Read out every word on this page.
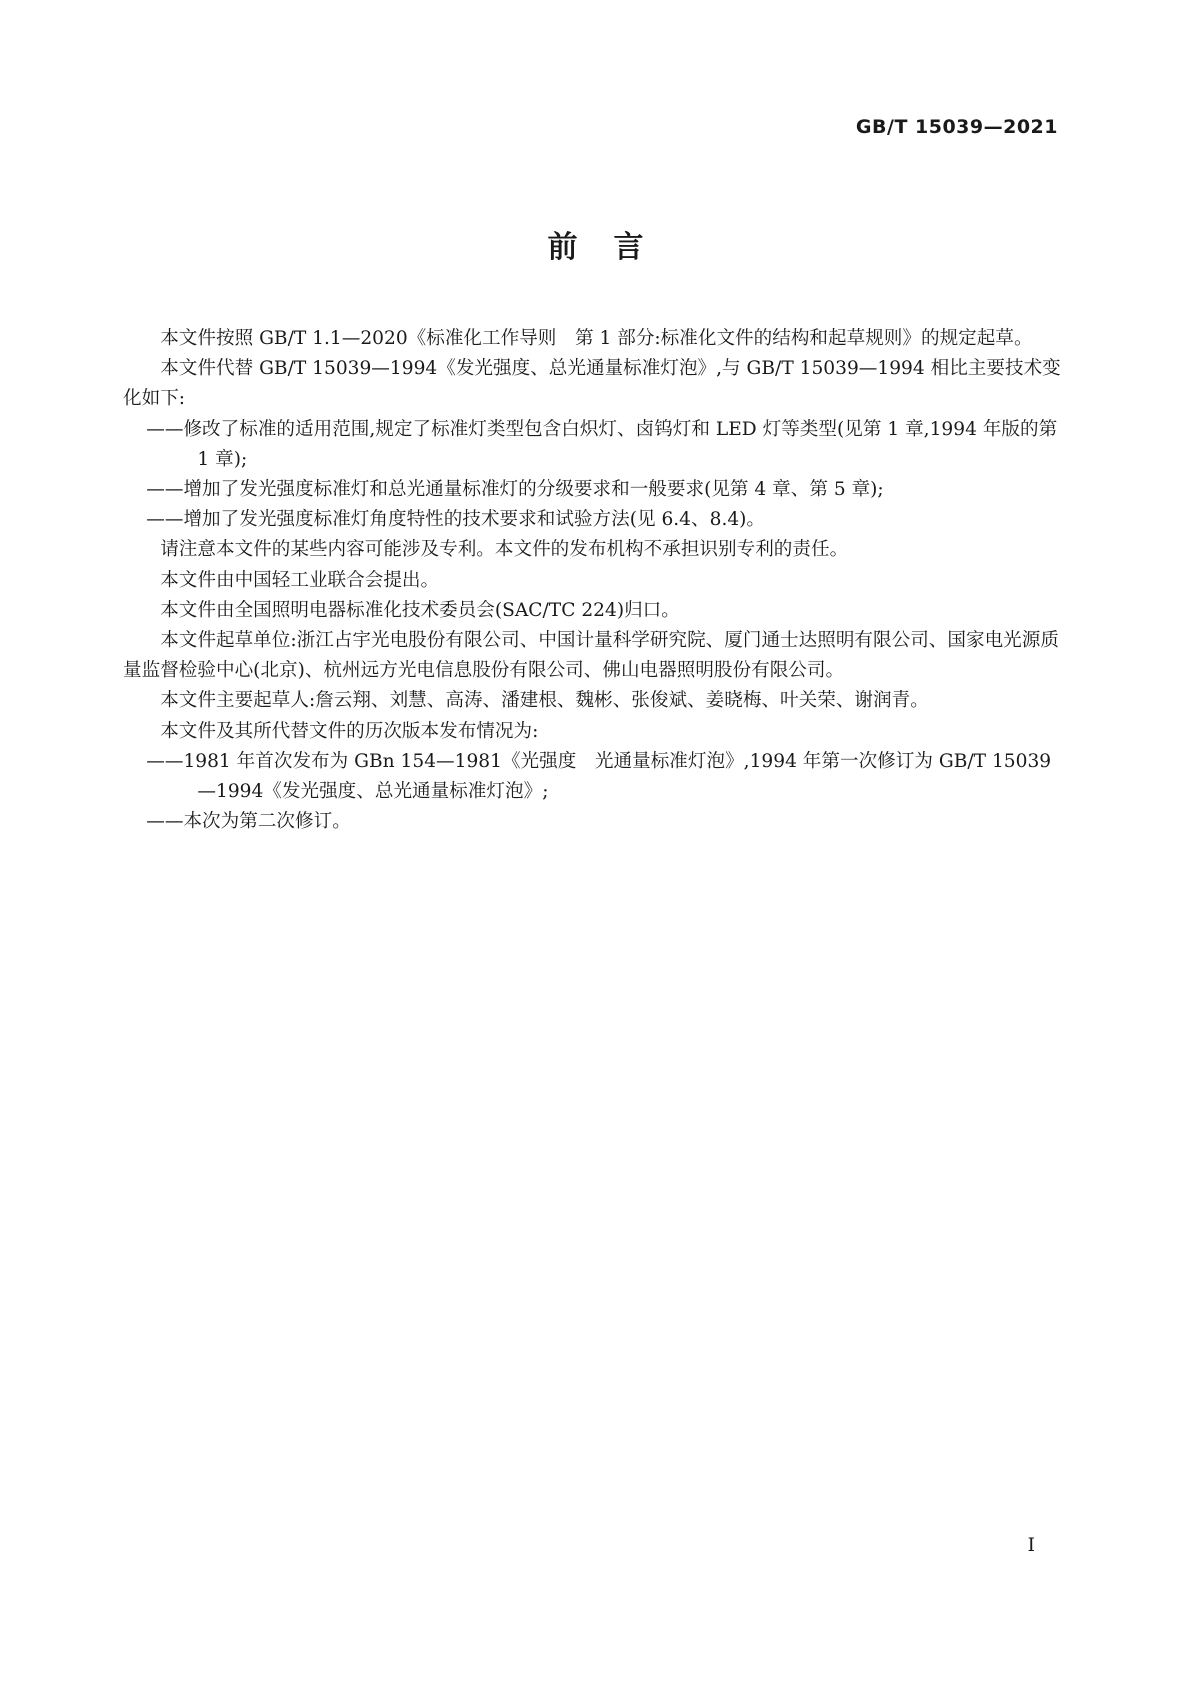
GB/T 15039—2021
前言

本文件按照 GB/T 1.1—2020《标准化工作导则　第 1 部分:标准化文件的结构和起草规则》的规定起草。

本文件代替 GB/T 15039—1994《发光强度、总光通量标准灯泡》,与 GB/T 15039—1994 相比主要技术变化如下:

——修改了标准的适用范围,规定了标准灯类型包含白炽灯、卤钨灯和 LED 灯等类型(见第 1 章,1994 年版的第 1 章);

——增加了发光强度标准灯和总光通量标准灯的分级要求和一般要求(见第 4 章、第 5 章);

——增加了发光强度标准灯角度特性的技术要求和试验方法(见 6.4、8.4)。

请注意本文件的某些内容可能涉及专利。本文件的发布机构不承担识别专利的责任。

本文件由中国轻工业联合会提出。

本文件由全国照明电器标准化技术委员会(SAC/TC 224)归口。

本文件起草单位:浙江占宇光电股份有限公司、中国计量科学研究院、厦门通士达照明有限公司、国家电光源质量监督检验中心(北京)、杭州远方光电信息股份有限公司、佛山电器照明股份有限公司。

本文件主要起草人:詹云翔、刘慧、高涛、潘建根、魏彬、张俊斌、姜晓梅、叶关荣、谢润青。

本文件及其所代替文件的历次版本发布情况为:

——1981 年首次发布为 GBn 154—1981《光强度　光通量标准灯泡》,1994 年第一次修订为 GB/T 15039—1994《发光强度、总光通量标准灯泡》;

——本次为第二次修订。

I
